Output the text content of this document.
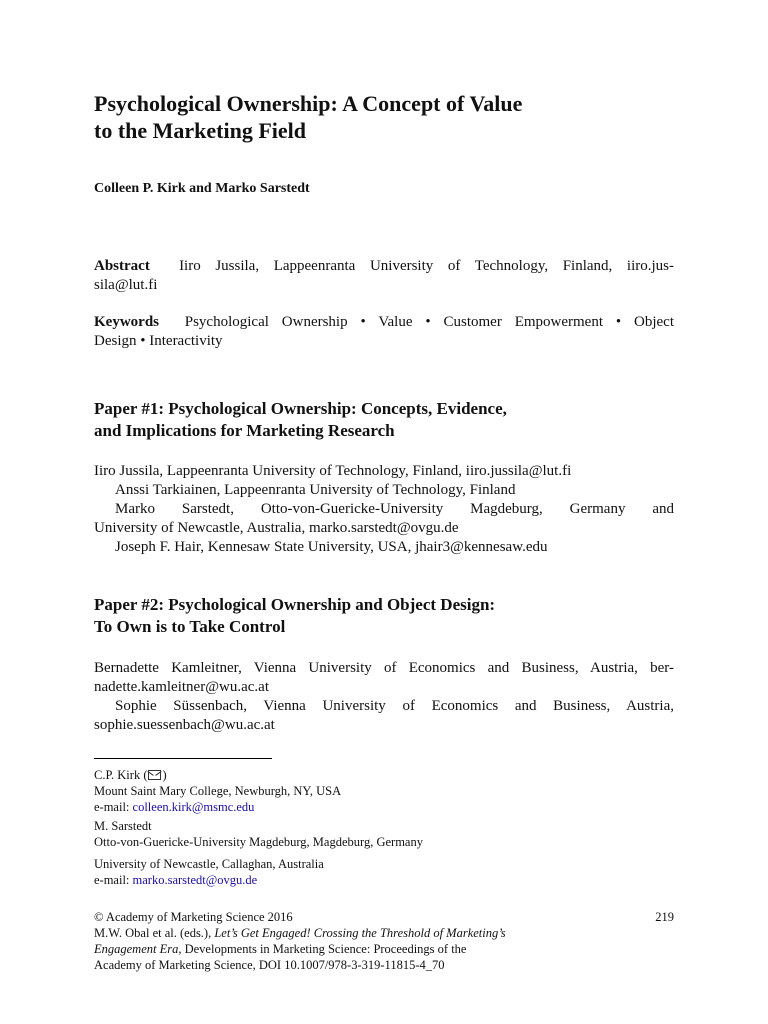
Psychological Ownership: A Concept of Value
to the Marketing Field
Colleen P. Kirk and Marko Sarstedt
Abstract Iiro Jussila, Lappeenranta University of Technology, Finland, iiro.jus-
sila@lut.fi
Keywords Psychological Ownership • Value • Customer Empowerment • Object
Design • Interactivity
Paper #1: Psychological Ownership: Concepts, Evidence,
and Implications for Marketing Research
Iiro Jussila, Lappeenranta University of Technology, Finland, iiro.jussila@lut.fi
Anssi Tarkiainen, Lappeenranta University of Technology, Finland
Marko Sarstedt, Otto-von-Guericke-University Magdeburg, Germany and
University of Newcastle, Australia, marko.sarstedt@ovgu.de
Joseph F. Hair, Kennesaw State University, USA, jhair3@kennesaw.edu
Paper #2: Psychological Ownership and Object Design:
To Own is to Take Control
Bernadette Kamleitner, Vienna University of Economics and Business, Austria, ber-
nadette.kamleitner@wu.ac.at
Sophie Süssenbach, Vienna University of Economics and Business, Austria,
sophie.suessenbach@wu.ac.at
C.P. Kirk ( )
Mount Saint Mary College, Newburgh, NY, USA
e-mail: colleen.kirk@msmc.edu
M. Sarstedt
Otto-von-Guericke-University Magdeburg, Magdeburg, Germany
University of Newcastle, Callaghan, Australia
e-mail: marko.sarstedt@ovgu.de
© Academy of Marketing Science 2016
M.W. Obal et al. (eds.), Let’s Get Engaged! Crossing the Threshold of Marketing’s
Engagement Era, Developments in Marketing Science: Proceedings of the
Academy of Marketing Science, DOI 10.1007/978-3-319-11815-4_70
219
